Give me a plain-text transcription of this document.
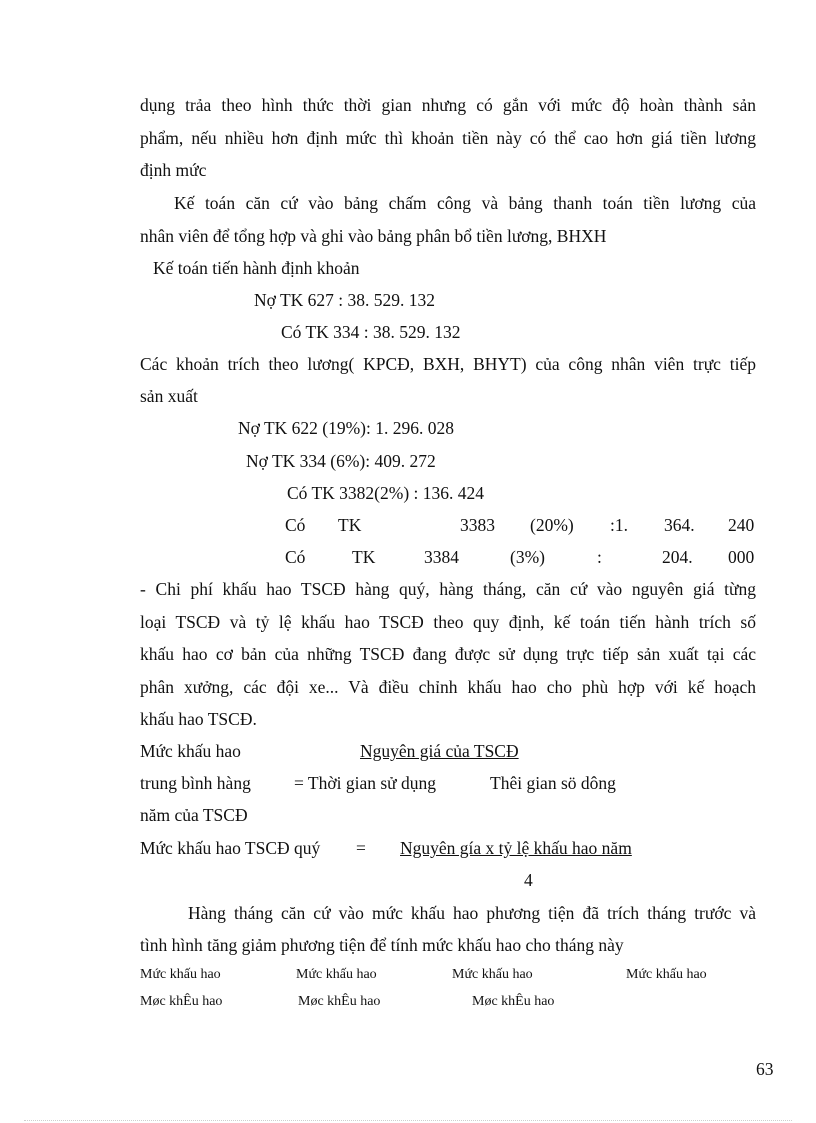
dụng trảa theo hình thức thời gian nhưng có gắn với mức độ hoàn thành sản
phẩm, nếu nhiều hơn định mức thì khoản tiền này có thể cao hơn giá tiền lương
định mức
Kế toán căn cứ vào bảng chấm công và bảng thanh toán tiền lương của
nhân viên để tổng hợp và ghi vào bảng phân bổ tiền lương, BHXH
Kế toán tiến hành định khoản
Nợ TK 627 : 38. 529. 132
Có TK 334 : 38. 529. 132
Các khoản trích theo lương( KPCĐ, BXH, BHYT) của công nhân viên trực tiếp
sản xuất
Nợ TK 622 (19%): 1. 296. 028
Nợ TK 334 (6%): 409. 272
Có TK 3382(2%) : 136. 424
Có TK	3383 (20%) :1. 364. 240
Có	TK	3384	(3%)	:	204. 000
- Chi phí khấu hao TSCĐ hàng quý, hàng tháng, căn cứ vào nguyên giá từng
loại TSCĐ và tỷ lệ khấu hao TSCĐ theo quy định, kế toán tiến hành trích số
khấu hao cơ bản của những TSCĐ đang được sử dụng trực tiếp sản xuất tại các
phân xưởng, các đội xe... Và điều chỉnh khấu hao cho phù hợp với kế hoạch
khấu hao TSCĐ.
Mức khấu hao	Nguyên giá của TSCĐ
trung bình hàng = Thời gian sử dụng	Thêi gian sö dông
năm của TSCĐ
Mức khấu hao TSCĐ quý = Nguyên gía x tỷ lệ khấu hao năm
4
Hàng tháng căn cứ vào mức khấu hao phương tiện đã trích tháng trước và
tình hình tăng giảm phương tiện để tính mức khấu hao cho tháng này
Mức khấu hao	Mức khấu hao	Mức khấu hao	Mức khấu hao
Møc khÊu hao	Møc khÊu hao	Møc khÊu hao
63
